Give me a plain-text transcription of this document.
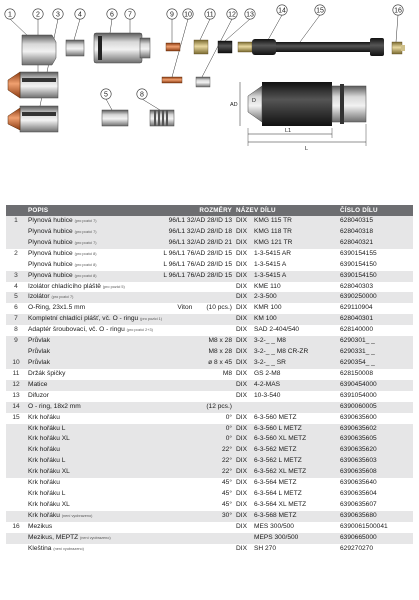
1	2 3	4
5
6 7
8
9 10 11 12 13
14	15	16
AD
D
L1
L
	POPIS	ROZMĚRY	NÁZEV DÍLU		ČÍSLO DÍLU
1	Plynová hubice (pro pozici 7)	96/L1 32/AD 28/ID 13	DIX	KMG 115 TR	628040315
	Plynová hubice (pro pozici 7)	96/L1 32/AD 28/ID 18	DIX	KMG 118 TR	628040318
	Plynová hubice (pro pozici 7)	96/L1 32/AD 28/ID 21	DIX	KMG 121 TR	628040321
2	Plynová hubice (pro pozici 8)	L 96/L1 76/AD 28/ID 15	DIX	1-3-5415 AR	6390154155
	Plynová hubice (pro pozici 8)	L 96/L1 76/AD 28/ID 15	DIX	1-3-5415 A	6390154150
3	Plynová hubice (pro pozici 8)	L 96/L1 76/AD 28/ID 15	DIX	1-3-5415 A	6390154150
4	Izolátor chladícího pláště (pro pozici 5)		DIX	KME 110	628040303
5	Izolátor (pro pozici 7)		DIX	2-3-500	6390250000
6	O-Ring, 23x1.5 mm	Viton (10 pcs.)	DIX	KMR 100	629110904
7	Kompletní chladící plášť, vč. O - ringu (pro pozici 1)		DIX	KM 100	628040301
8	Adaptér šroubovací, vč. O - ringu (pro pozici 2+3)		DIX	SAD 2-404/540	628140000
9	Průvlak	M8 x 28	DIX	3-2-_ _ M8	6290301_ _
	Průvlak	M8 x 28	DIX	3-2-_ _ M8 CR-ZR	6290331_ _
10	Průvlak	ø 8 x 45	DIX	3-2-_ _ SR	6290354_ _
11	Držák špičky	M8	DIX	GS 2-M8	628150008
12	Matice		DIX	4-2-MAS	6390454000
13	Difuzor		DIX	10-3-540	6391054000
14	O - ring, 18x2 mm	(12 pcs.)			6390060005
15	Krk hořáku	0°	DIX	6-3-560 METZ	6390635600
	Krk hořáku L	0°	DIX	6-3-560 L METZ	6390635602
	Krk hořáku XL	0°	DIX	6-3-560 XL METZ	6390635605
	Krk hořáku	22°	DIX	6-3-562 METZ	6390635620
	Krk hořáku L	22°	DIX	6-3-562 L METZ	6390635603
	Krk hořáku XL	22°	DIX	6-3-562 XL METZ	6390635608
	Krk hořáku	45°	DIX	6-3-564 METZ	6390635640
	Krk hořáku L	45°	DIX	6-3-564 L METZ	6390635604
	Krk hořáku XL	45°	DIX	6-3-564 XL METZ	6390635607
	Krk hořáku (není vyobrazeno)	30°	DIX	6-3-568 METZ	6390635680
16	Mezikus		DIX	MES 300/500	6390061500041
	Mezikus, MEPTZ (není vyobrazeno)			MEPS 300/500	6390665000
	Kleština (není vyobrazeno)		DIX	SH 270	629270270
